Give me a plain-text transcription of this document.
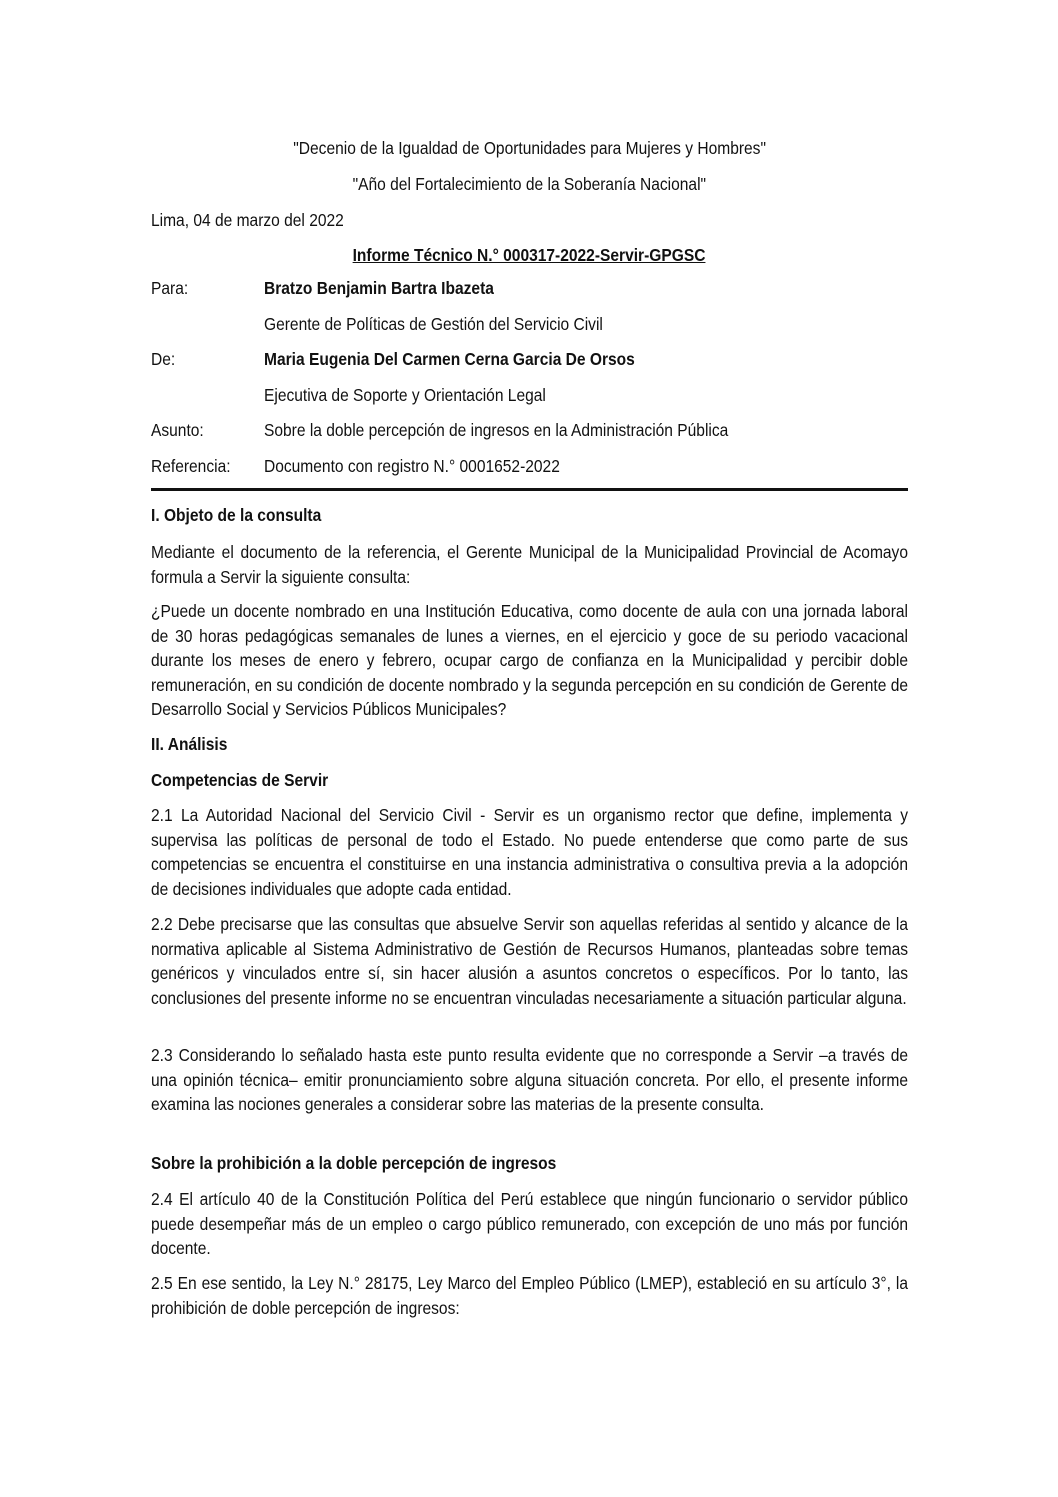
"Decenio de la Igualdad de Oportunidades para Mujeres y Hombres"
"Año del Fortalecimiento de la Soberanía Nacional"
Lima, 04 de marzo del 2022
Informe Técnico N.° 000317-2022-Servir-GPGSC
Para:	Bratzo Benjamin Bartra Ibazeta
Gerente de Políticas de Gestión del Servicio Civil
De:	Maria Eugenia Del Carmen Cerna Garcia De Orsos
Ejecutiva de Soporte y Orientación Legal
Asunto:	Sobre la doble percepción de ingresos en la Administración Pública
Referencia:	Documento con registro N.° 0001652-2022
I. Objeto de la consulta

Mediante el documento de la referencia, el Gerente Municipal de la Municipalidad Provincial de Acomayo formula a Servir la siguiente consulta:

¿Puede un docente nombrado en una Institución Educativa, como docente de aula con una jornada laboral de 30 horas pedagógicas semanales de lunes a viernes, en el ejercicio y goce de su periodo vacacional durante los meses de enero y febrero, ocupar cargo de confianza en la Municipalidad y percibir doble remuneración, en su condición de docente nombrado y la segunda percepción en su condición de Gerente de Desarrollo Social y Servicios Públicos Municipales?

II. Análisis
Competencias de Servir

2.1 La Autoridad Nacional del Servicio Civil - Servir es un organismo rector que define, implementa y supervisa las políticas de personal de todo el Estado. No puede entenderse que como parte de sus competencias se encuentra el constituirse en una instancia administrativa o consultiva previa a la adopción de decisiones individuales que adopte cada entidad.

2.2 Debe precisarse que las consultas que absuelve Servir son aquellas referidas al sentido y alcance de la normativa aplicable al Sistema Administrativo de Gestión de Recursos Humanos, planteadas sobre temas genéricos y vinculados entre sí, sin hacer alusión a asuntos concretos o específicos. Por lo tanto, las conclusiones del presente informe no se encuentran vinculadas necesariamente a situación particular alguna.

2.3 Considerando lo señalado hasta este punto resulta evidente que no corresponde a Servir –a través de una opinión técnica– emitir pronunciamiento sobre alguna situación concreta. Por ello, el presente informe examina las nociones generales a considerar sobre las materias de la presente consulta.

Sobre la prohibición a la doble percepción de ingresos

2.4 El artículo 40 de la Constitución Política del Perú establece que ningún funcionario o servidor público puede desempeñar más de un empleo o cargo público remunerado, con excepción de uno más por función docente.

2.5 En ese sentido, la Ley N.° 28175, Ley Marco del Empleo Público (LMEP), estableció en su artículo 3°, la prohibición de doble percepción de ingresos:
